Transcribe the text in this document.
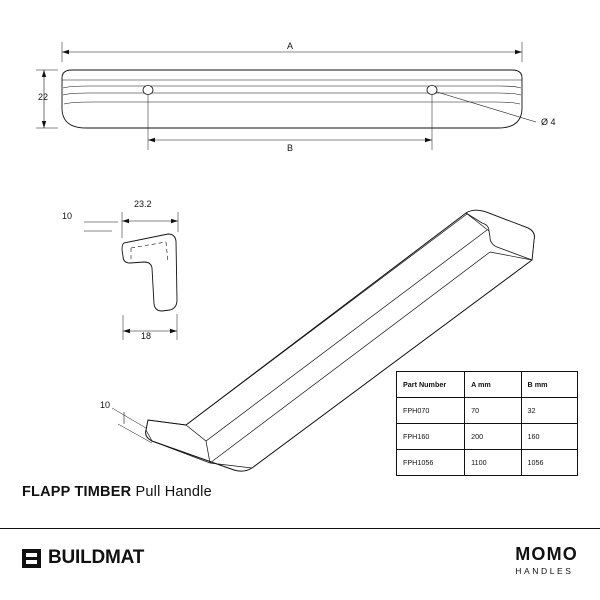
A
B
22
Ø 4
23.2
10
18
10
Part Number	A mm	B mm
FPH070	70	32
FPH160	200	160
FPH1056	1100	1056
FLAPP TIMBER Pull Handle
BUILDMAT	MOMO
HANDLES
